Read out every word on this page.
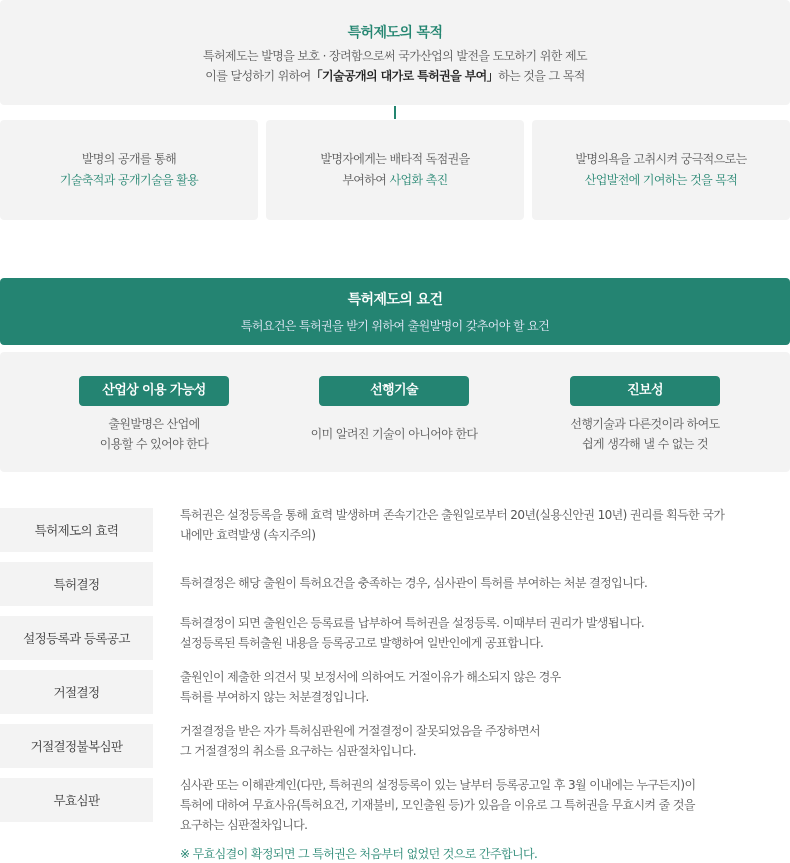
특허제도의 목적

특허제도는 발명을 보호 · 장려함으로써 국가산업의 발전을 도모하기 위한 제도

이를 달성하기 위하여「기술공개의 대가로 특허권을 부여」하는 것을 그 목적

발명의 공개를 통해
기술축적과 공개기술을 활용
발명자에게는 배타적 독점권을
부여하여 사업화 촉진
발명의욕을 고취시켜 궁극적으로는
산업발전에 기여하는 것을 목적
특허제도의 요건

특허요건은 특허권을 받기 위하여 출원발명이 갖추어야 할 요건

산업상 이용 가능성
출원발명은 산업에
이용할 수 있어야 한다
선행기술
이미 알려진 기술이 아니어야 한다
진보성
선행기술과 다른것이라 하여도
쉽게 생각해 낼 수 없는 것
특허제도의 효력
특허권은 설정등록을 통해 효력 발생하며 존속기간은 출원일로부터 20년(실용신안권 10년) 권리를 획득한 국가
내에만 효력발생 (속지주의)
특허결정	특허결정은 해당 출원이 특허요건을 충족하는 경우, 심사관이 특허를 부여하는 처분 결정입니다.
설정등록과 등록공고
특허결정이 되면 출원인은 등록료를 납부하여 특허권을 설정등록. 이때부터 권리가 발생됩니다.
설정등록된 특허출원 내용을 등록공고로 발행하여 일반인에게 공표합니다.
거절결정
출원인이 제출한 의견서 및 보정서에 의하여도 거절이유가 해소되지 않은 경우
특허를 부여하지 않는 처분결정입니다.
거절결정불복심판
거절결정을 받은 자가 특허심판원에 거절결정이 잘못되었음을 주장하면서
그 거절결정의 취소를 요구하는 심판절차입니다.
무효심판
심사관 또는 이해관계인(다만, 특허권의 설정등록이 있는 날부터 등록공고일 후 3월 이내에는 누구든지)이
특허에 대하여 무효사유(특허요건, 기재불비, 모인출원 등)가 있음을 이유로 그 특허권을 무효시켜 줄 것을
요구하는 심판절차입니다.
※ 무효심결이 확정되면 그 특허권은 처음부터 없었던 것으로 간주합니다.
